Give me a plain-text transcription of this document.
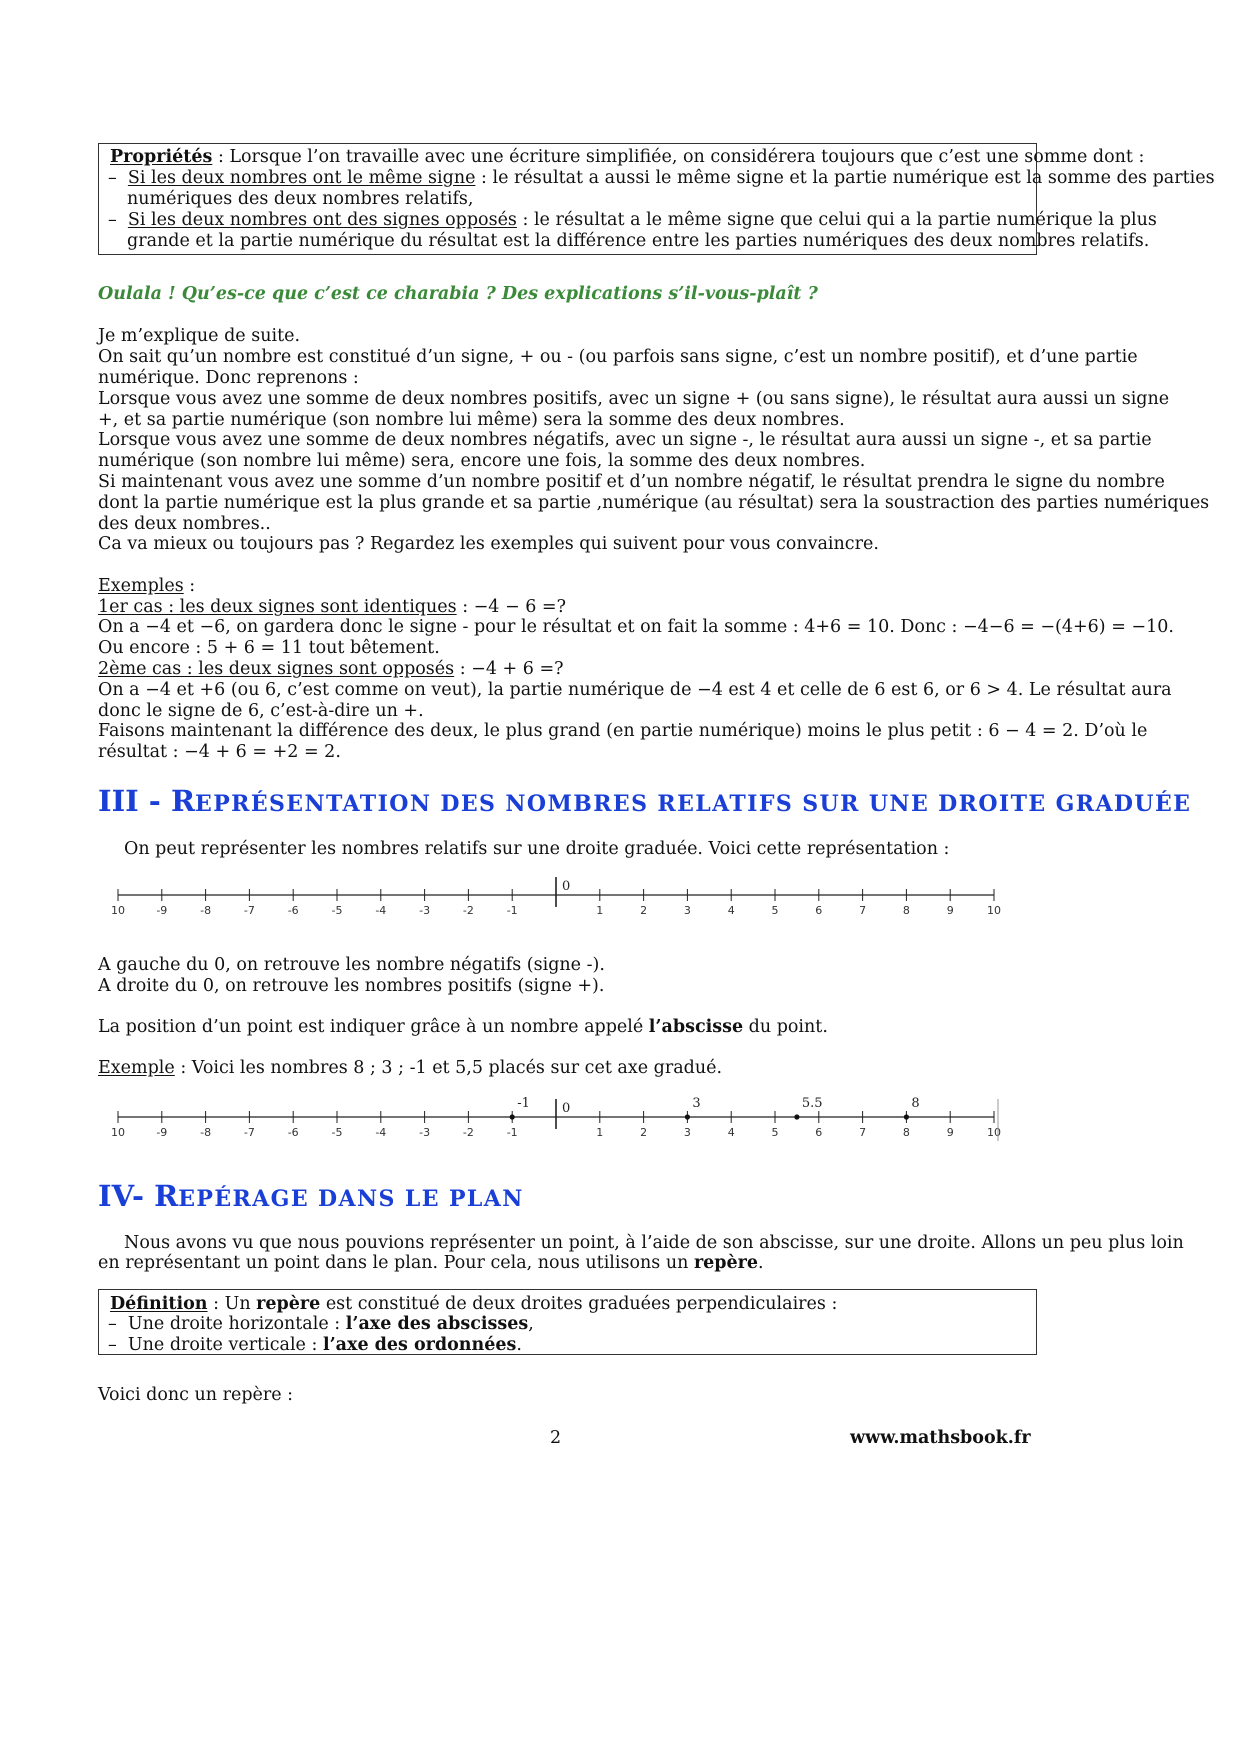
Propriétés : Lorsque l’on travaille avec une écriture simplifiée, on considérera toujours que c’est une somme dont :
–  Si les deux nombres ont le même signe : le résultat a aussi le même signe et la partie numérique est la somme des parties
numériques des deux nombres relatifs,
–  Si les deux nombres ont des signes opposés : le résultat a le même signe que celui qui a la partie numérique la plus
grande et la partie numérique du résultat est la différence entre les parties numériques des deux nombres relatifs.
Oulala ! Qu’es-ce que c’est ce charabia ? Des explications s’il-vous-plaît ?
Je m’explique de suite.
On sait qu’un nombre est constitué d’un signe, + ou - (ou parfois sans signe, c’est un nombre positif), et d’une partie
numérique. Donc reprenons :
Lorsque vous avez une somme de deux nombres positifs, avec un signe + (ou sans signe), le résultat aura aussi un signe
+, et sa partie numérique (son nombre lui même) sera la somme des deux nombres.
Lorsque vous avez une somme de deux nombres négatifs, avec un signe -, le résultat aura aussi un signe -, et sa partie
numérique (son nombre lui même) sera, encore une fois, la somme des deux nombres.
Si maintenant vous avez une somme d’un nombre positif et d’un nombre négatif, le résultat prendra le signe du nombre
dont la partie numérique est la plus grande et sa partie ,numérique (au résultat) sera la soustraction des parties numériques
des deux nombres..
Ca va mieux ou toujours pas ? Regardez les exemples qui suivent pour vous convaincre.
Exemples :
1er cas : les deux signes sont identiques : −4 − 6 =?
On a −4 et −6, on gardera donc le signe - pour le résultat et on fait la somme : 4+6 = 10. Donc : −4−6 = −(4+6) = −10.
Ou encore : 5 + 6 = 11 tout bêtement.
2ème cas : les deux signes sont opposés : −4 + 6 =?
On a −4 et +6 (ou 6, c’est comme on veut), la partie numérique de −4 est 4 et celle de 6 est 6, or 6 > 4. Le résultat aura
donc le signe de 6, c’est-à-dire un +.
Faisons maintenant la différence des deux, le plus grand (en partie numérique) moins le plus petit : 6 − 4 = 2. D’où le
résultat : −4 + 6 = +2 = 2.
III - REPRÉSENTATION DES NOMBRES RELATIFS SUR UNE DROITE GRADUÉE
On peut représenter les nombres relatifs sur une droite graduée. Voici cette représentation :
10	-9	-8	-7	-6	-5	-4	-3	-2	-1
0
1	2	3	4	5	6	7	8	9	10
A gauche du 0, on retrouve les nombre négatifs (signe -).
A droite du 0, on retrouve les nombres positifs (signe +).
La position d’un point est indiquer grâce à un nombre appelé l’abscisse du point.
Exemple : Voici les nombres 8 ; 3 ; -1 et 5,5 placés sur cet axe gradué.
10	-9	-8	-7	-6	-5	-4	-3	-2	-1
0
1	2	3	4	5	6	7	8	9	10
-1	3	5.5	8
IV- REPÉRAGE DANS LE PLAN
Nous avons vu que nous pouvions représenter un point, à l’aide de son abscisse, sur une droite. Allons un peu plus loin
en représentant un point dans le plan. Pour cela, nous utilisons un repère.
Définition : Un repère est constitué de deux droites graduées perpendiculaires :
–  Une droite horizontale : l’axe des abscisses,
–  Une droite verticale : l’axe des ordonnées.
Voici donc un repère :
2	www.mathsbook.fr
